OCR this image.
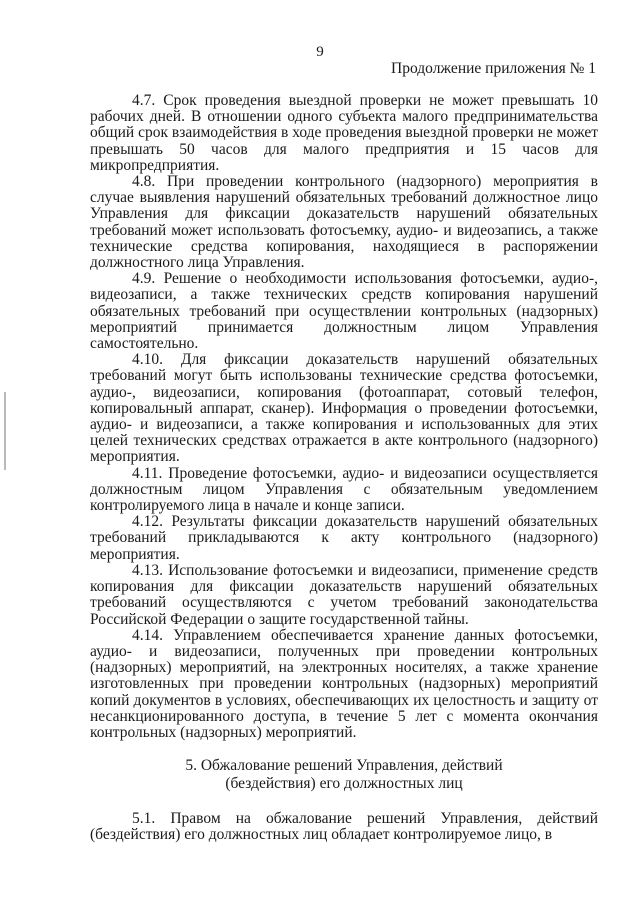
9
Продолжение приложения № 1

4.7. Срок проведения выездной проверки не может превышать 10 рабочих дней. В отношении одного субъекта малого предпринимательства общий срок взаимодействия в ходе проведения выездной проверки не может превышать 50 часов для малого предприятия и 15 часов для микропредприятия.

4.8. При проведении контрольного (надзорного) мероприятия в случае выявления нарушений обязательных требований должностное лицо Управления для фиксации доказательств нарушений обязательных требований может использовать фотосъемку, аудио- и видеозапись, а также технические средства копирования, находящиеся в распоряжении должностного лица Управления.

4.9. Решение о необходимости использования фотосъемки, аудио-, видеозаписи, а также технических средств копирования нарушений обязательных требований при осуществлении контрольных (надзорных) мероприятий принимается должностным лицом Управления самостоятельно.

4.10. Для фиксации доказательств нарушений обязательных требований могут быть использованы технические средства фотосъемки, аудио-, видеозаписи, копирования (фотоаппарат, сотовый телефон, копировальный аппарат, сканер). Информация о проведении фотосъемки, аудио- и видеозаписи, а также копирования и использованных для этих целей технических средствах отражается в акте контрольного (надзорного) мероприятия.

4.11. Проведение фотосъемки, аудио- и видеозаписи осуществляется должностным лицом Управления с обязательным уведомлением контролируемого лица в начале и конце записи.

4.12. Результаты фиксации доказательств нарушений обязательных требований прикладываются к акту контрольного (надзорного) мероприятия.

4.13. Использование фотосъемки и видеозаписи, применение средств копирования для фиксации доказательств нарушений обязательных требований осуществляются с учетом требований законодательства Российской Федерации о защите государственной тайны.

4.14. Управлением обеспечивается хранение данных фотосъемки, аудио- и видеозаписи, полученных при проведении контрольных (надзорных) мероприятий, на электронных носителях, а также хранение изготовленных при проведении контрольных (надзорных) мероприятий копий документов в условиях, обеспечивающих их целостность и защиту от несанкционированного доступа, в течение 5 лет с момента окончания контрольных (надзорных) мероприятий.

5. Обжалование решений Управления, действий
(бездействия) его должностных лиц

5.1. Правом на обжалование решений Управления, действий (бездействия) его должностных лиц обладает контролируемое лицо, в
